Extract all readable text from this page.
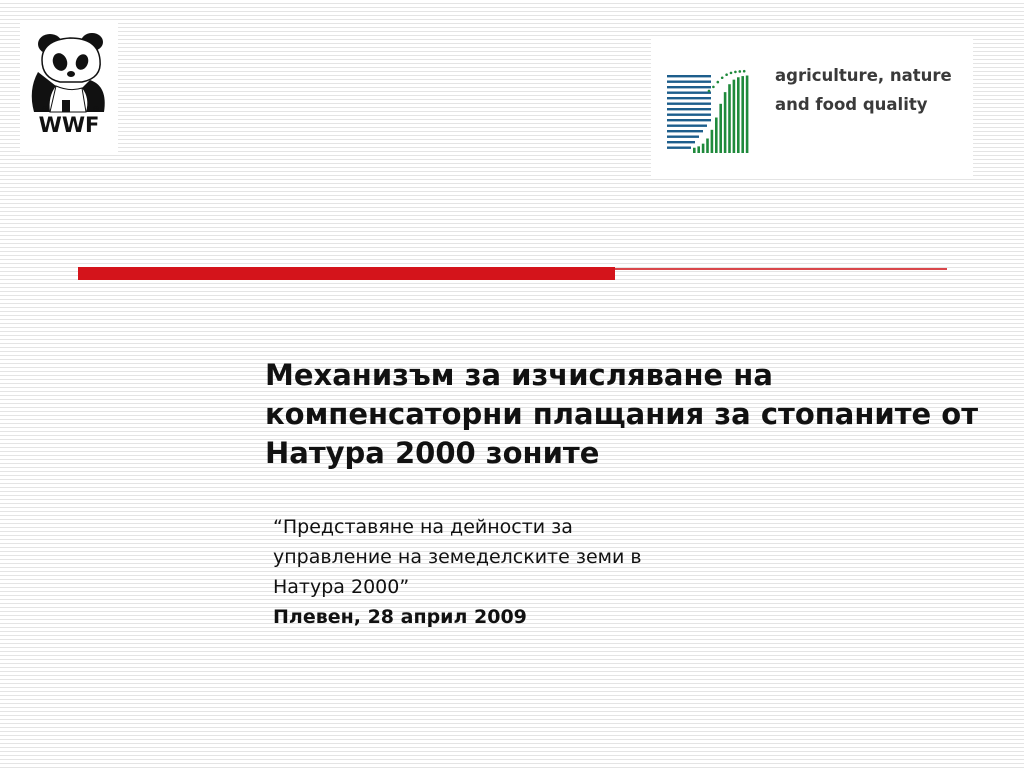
®	®
WWF
agriculture, nature
and food quality
Механизъм за изчисляване на компенсаторни плащания за стопаните от Натура 2000 зоните
“Представяне на дейности за
управление на земеделските земи в
Натура 2000”
Плевен, 28 април 2009
